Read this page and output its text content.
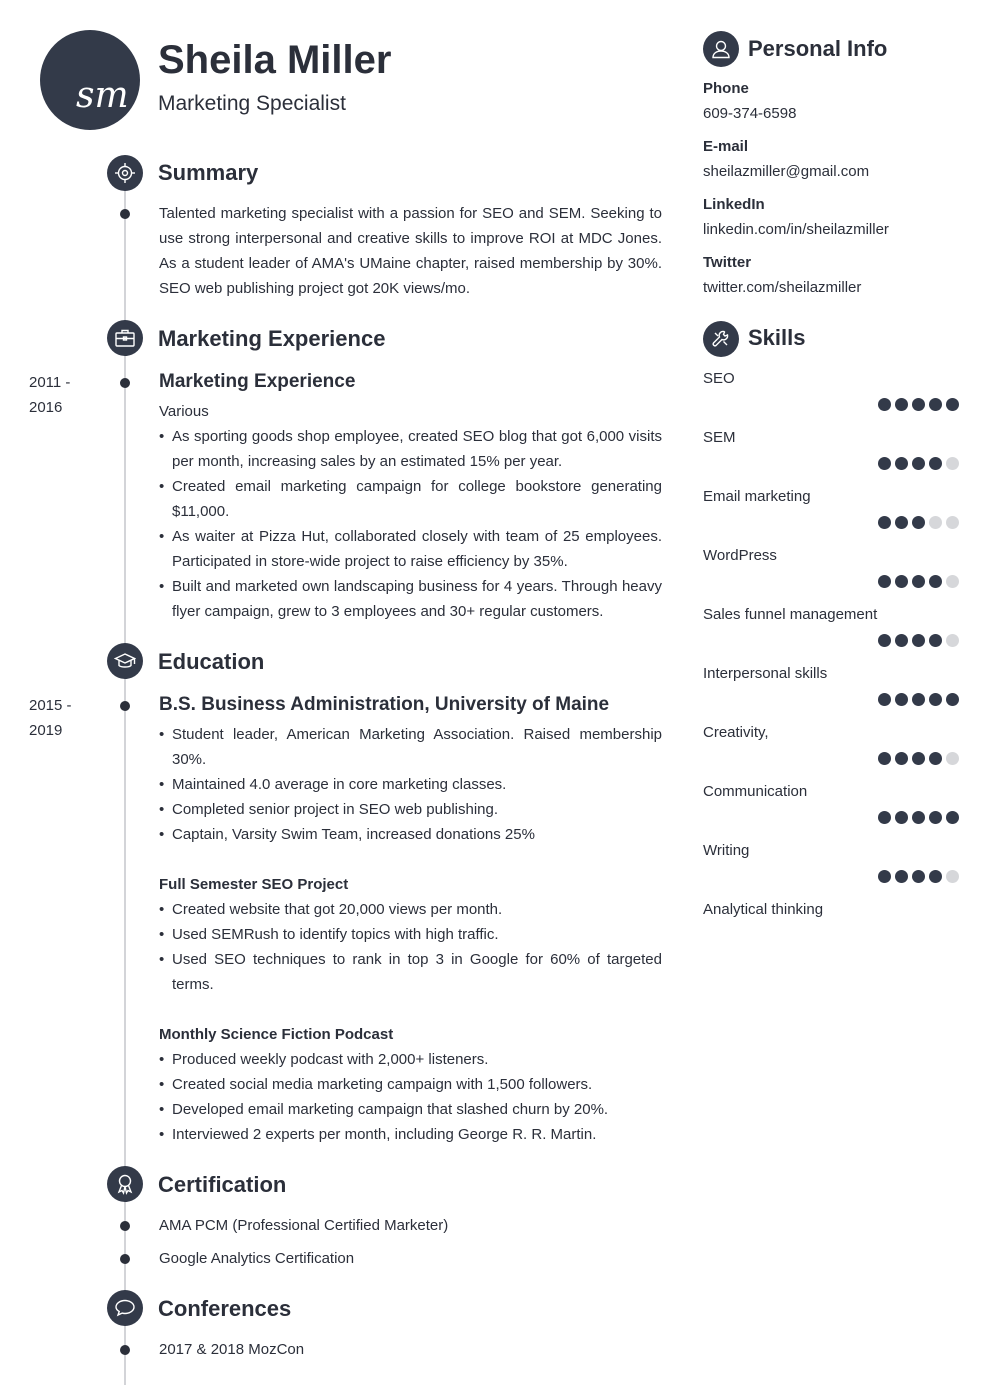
sm
Sheila Miller
Marketing Specialist
Summary
Talented marketing specialist with a passion for SEO and SEM. Seeking to use strong interpersonal and creative skills to improve ROI at MDC Jones. As a student leader of AMA's UMaine chapter, raised membership by 30%. SEO web publishing project got 20K views/mo.
Marketing Experience
2011 -
2016
Marketing Experience
Various
• As sporting goods shop employee, created SEO blog that got 6,000 visits per month, increasing sales by an estimated 15% per year.
• Created email marketing campaign for college bookstore generating $11,000.
• As waiter at Pizza Hut, collaborated closely with team of 25 employees. Participated in store-wide project to raise efficiency by 35%.
• Built and marketed own landscaping business for 4 years. Through heavy flyer campaign, grew to 3 employees and 30+ regular customers.
Education
2015 -
2019
B.S. Business Administration, University of Maine
• Student leader, American Marketing Association. Raised membership 30%.
• Maintained 4.0 average in core marketing classes.
• Completed senior project in SEO web publishing.
• Captain, Varsity Swim Team, increased donations 25%
Full Semester SEO Project
• Created website that got 20,000 views per month.
• Used SEMRush to identify topics with high traffic.
• Used SEO techniques to rank in top 3 in Google for 60% of targeted terms.
Monthly Science Fiction Podcast
• Produced weekly podcast with 2,000+ listeners.
• Created social media marketing campaign with 1,500 followers.
• Developed email marketing campaign that slashed churn by 20%.
• Interviewed 2 experts per month, including George R. R. Martin.
Certification
AMA PCM (Professional Certified Marketer)
Google Analytics Certification
Conferences
2017 & 2018 MozCon
Personal Info
Phone
609-374-6598
E-mail
sheilazmiller@gmail.com
LinkedIn
linkedin.com/in/sheilazmiller
Twitter
twitter.com/sheilazmiller
Skills
SEO
SEM
Email marketing
WordPress
Sales funnel management
Interpersonal skills
Creativity,
Communication
Writing
Analytical thinking
